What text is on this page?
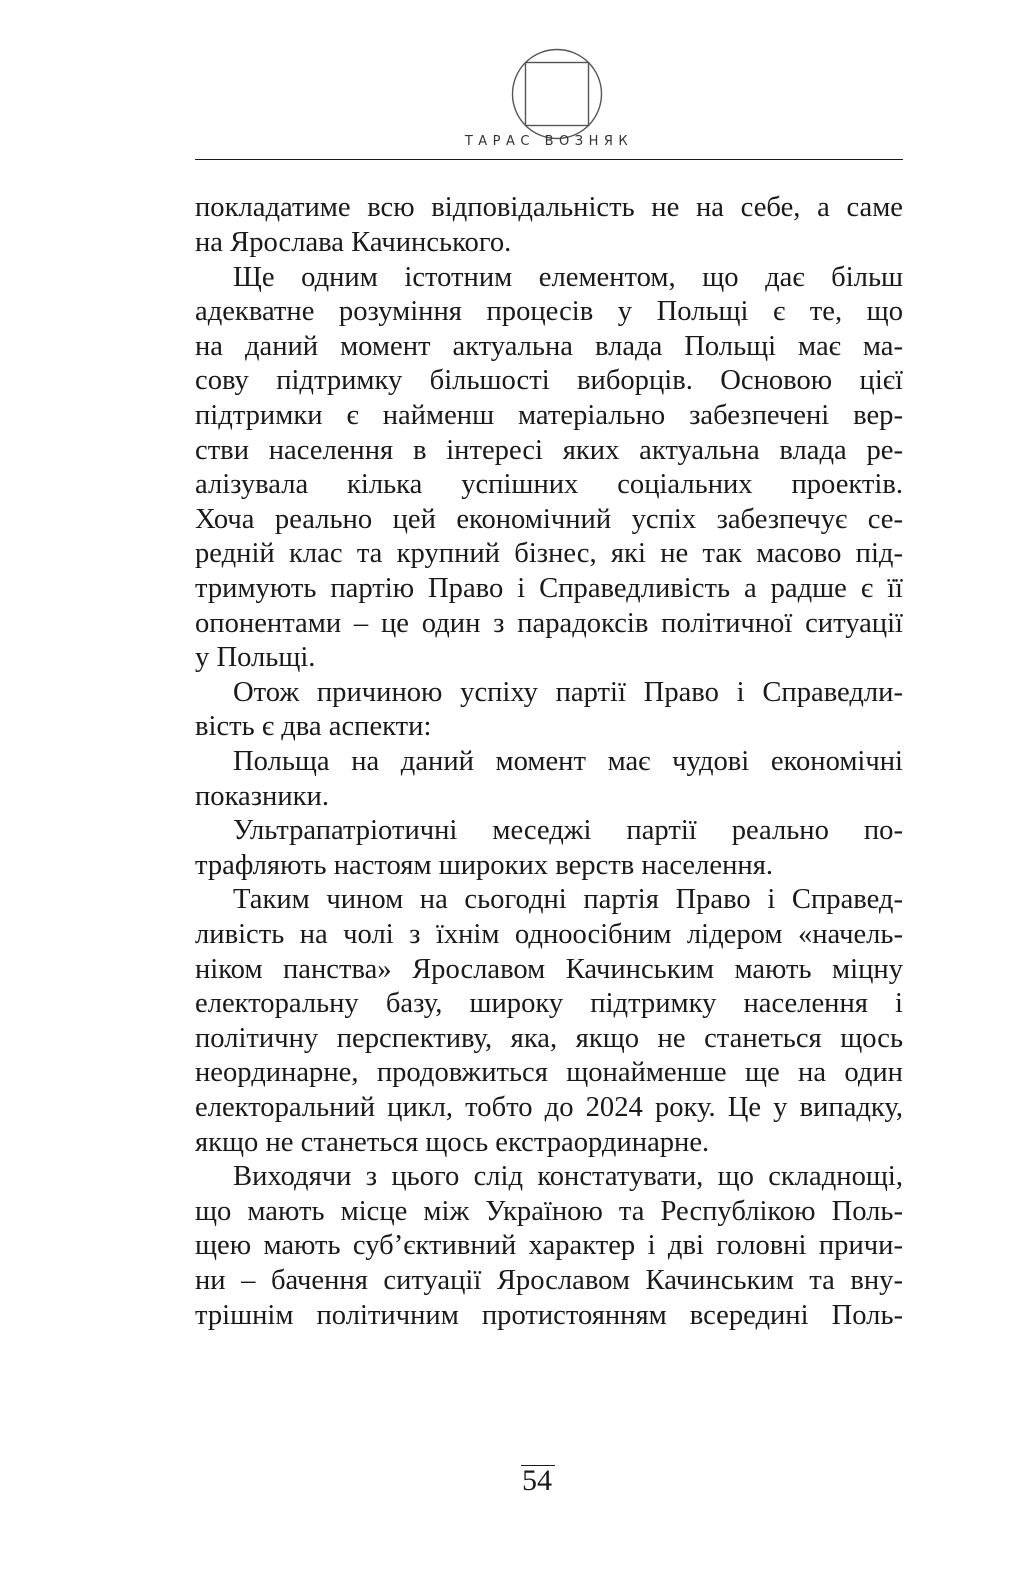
ТАРАС ВОЗНЯК
покладатиме всю відповідальність не на себе, а саме
на Ярослава Качинського.
Ще одним істотним елементом, що дає більш
адекватне розуміння процесів у Польщі є те, що
на даний момент актуальна влада Польщі має ма-
сову підтримку більшості виборців. Основою цієї
підтримки є найменш матеріально забезпечені вер-
стви населення в інтересі яких актуальна влада ре-
алізувала кілька успішних соціальних проектів.
Хоча реально цей економічний успіх забезпечує се-
редній клас та крупний бізнес, які не так масово під-
тримують партію Право і Справедливість а радше є її
опонентами – це один з парадоксів політичної ситуації
у Польщі.
Отож причиною успіху партії Право і Справедли-
вість є два аспекти:
Польща на даний момент має чудові економічні
показники.
Ультрапатріотичні меседжі партії реально по-
трафляють настоям широких верств населення.
Таким чином на сьогодні партія Право і Справед-
ливість на чолі з їхнім одноосібним лідером «начель-
ніком панства» Ярославом Качинським мають міцну
електоральну базу, широку підтримку населення і
політичну перспективу, яка, якщо не станеться щось
неординарне, продовжиться щонайменше ще на один
електоральний цикл, тобто до 2024 року. Це у випадку,
якщо не станеться щось екстраординарне.
Виходячи з цього слід констатувати, що складнощі,
що мають місце між Україною та Республікою Поль-
щею мають суб’єктивний характер і дві головні причи-
ни – бачення ситуації Ярославом Качинським та вну-
трішнім політичним протистоянням всередині Поль-
54
